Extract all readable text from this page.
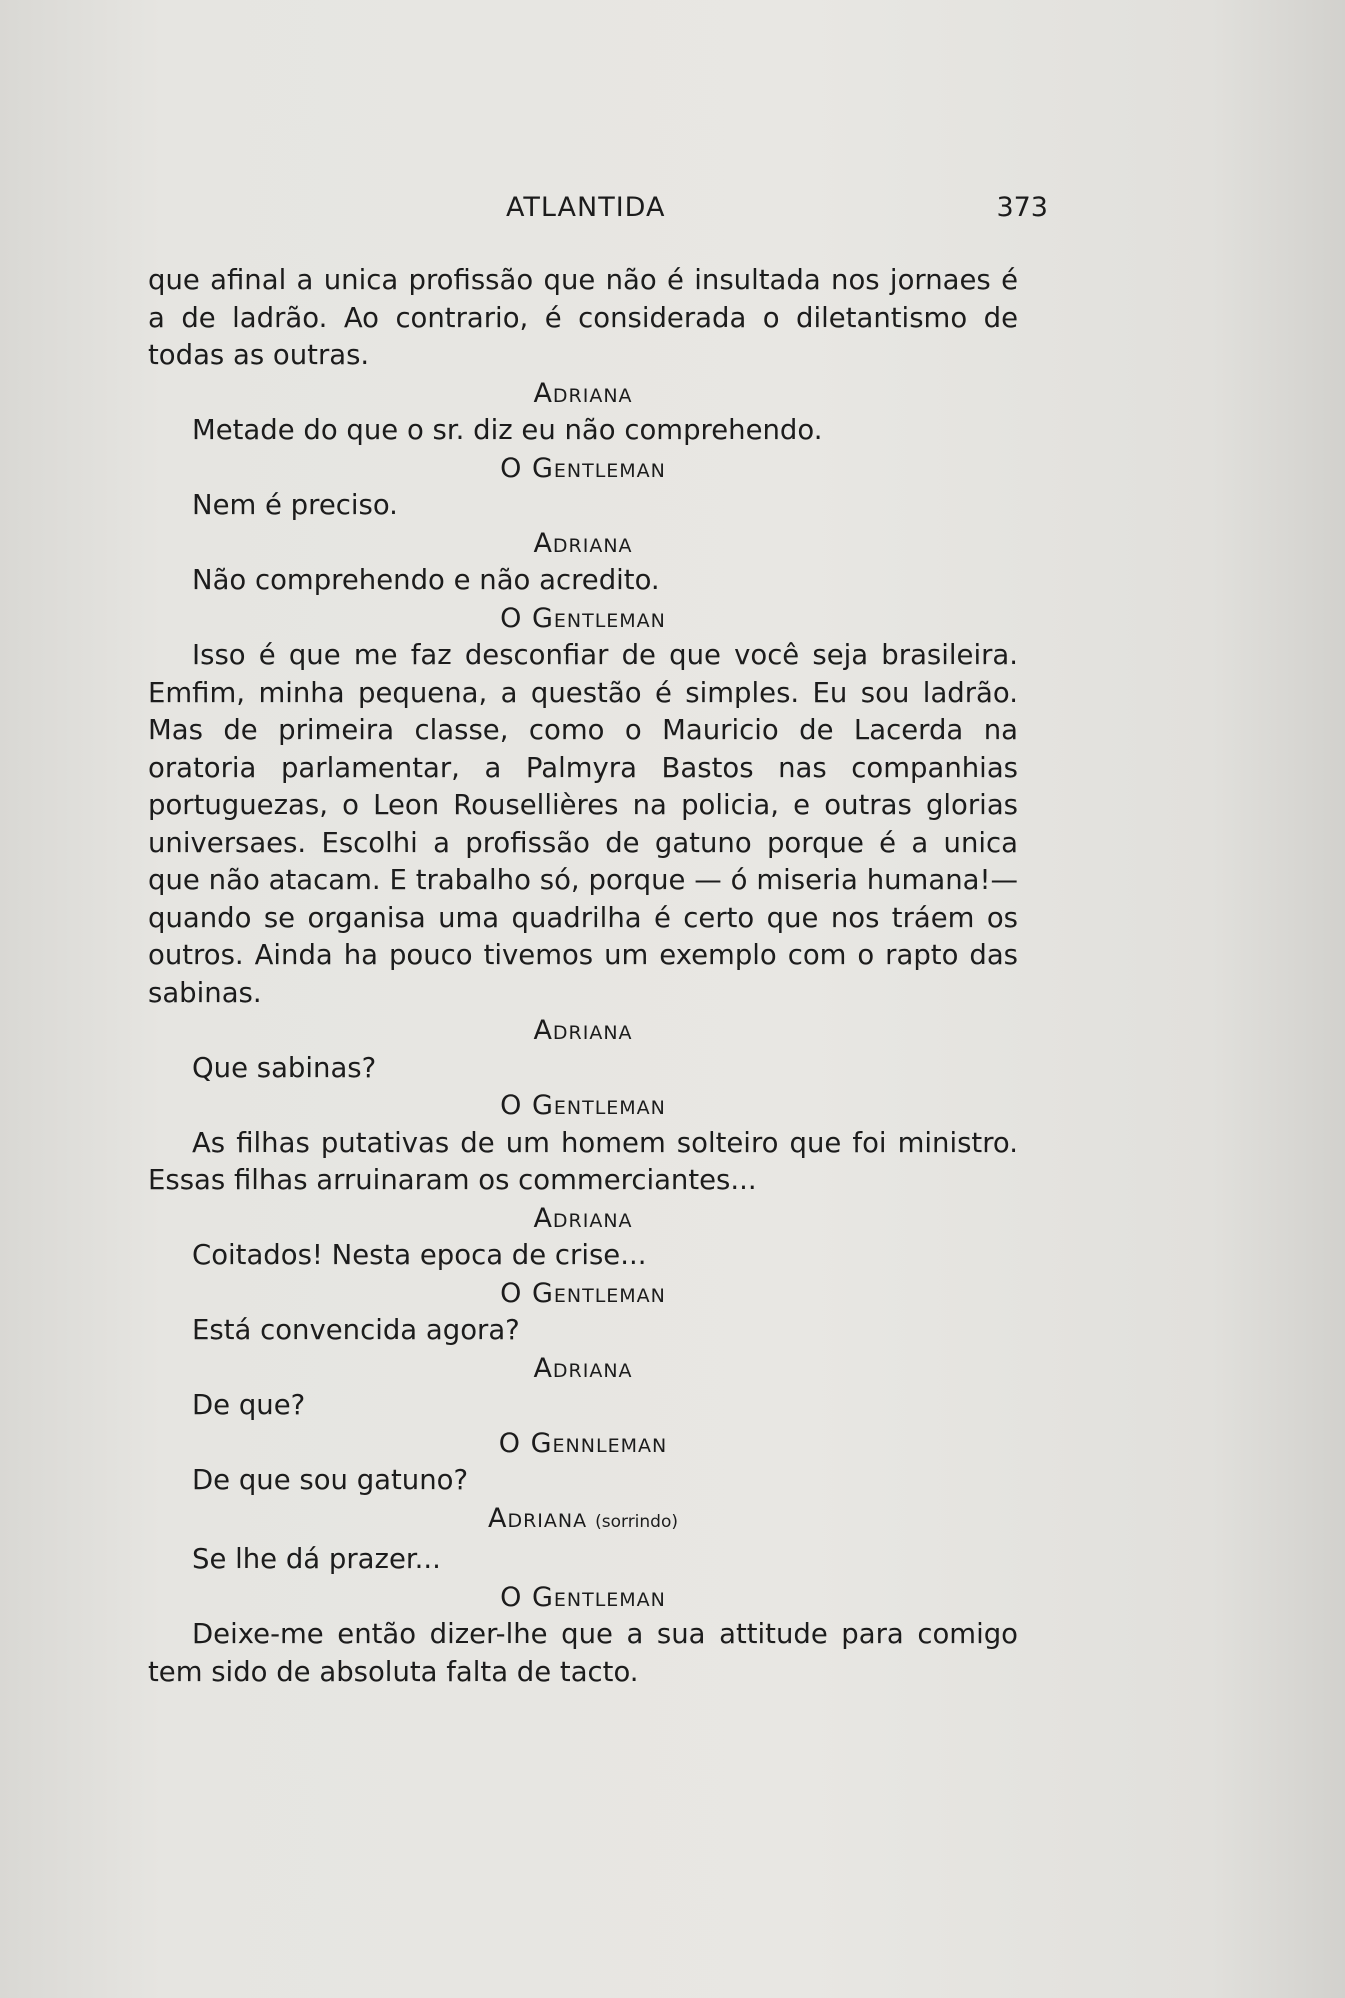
ATLANTIDA	373

que afinal a unica profissão que não é insultada nos jornaes é a de ladrão. Ao contrario, é considerada o diletantismo de todas as outras.

Adriana

Metade do que o sr. diz eu não comprehendo.

O Gentleman

Nem é preciso.

Adriana

Não comprehendo e não acredito.

O Gentleman

Isso é que me faz desconfiar de que você seja brasileira. Emfim, minha pequena, a questão é simples. Eu sou ladrão. Mas de primeira classe, como o Mauricio de Lacerda na oratoria parlamentar, a Palmyra Bastos nas companhias portuguezas, o Leon Rousellières na policia, e outras glorias universaes. Escolhi a profissão de gatuno porque é a unica que não atacam. E trabalho só, porque — ó miseria humana!—quando se organisa uma quadrilha é certo que nos tráem os outros. Ainda ha pouco tivemos um exemplo com o rapto das sabinas.

Adriana

Que sabinas?

O Gentleman

As filhas putativas de um homem solteiro que foi ministro. Essas filhas arruinaram os commerciantes...

Adriana

Coitados! Nesta epoca de crise...

O Gentleman

Está convencida agora?

Adriana

De que?

O Gennleman

De que sou gatuno?

Adriana (sorrindo)

Se lhe dá prazer...

O Gentleman

Deixe-me então dizer-lhe que a sua attitude para comigo tem sido de absoluta falta de tacto.
